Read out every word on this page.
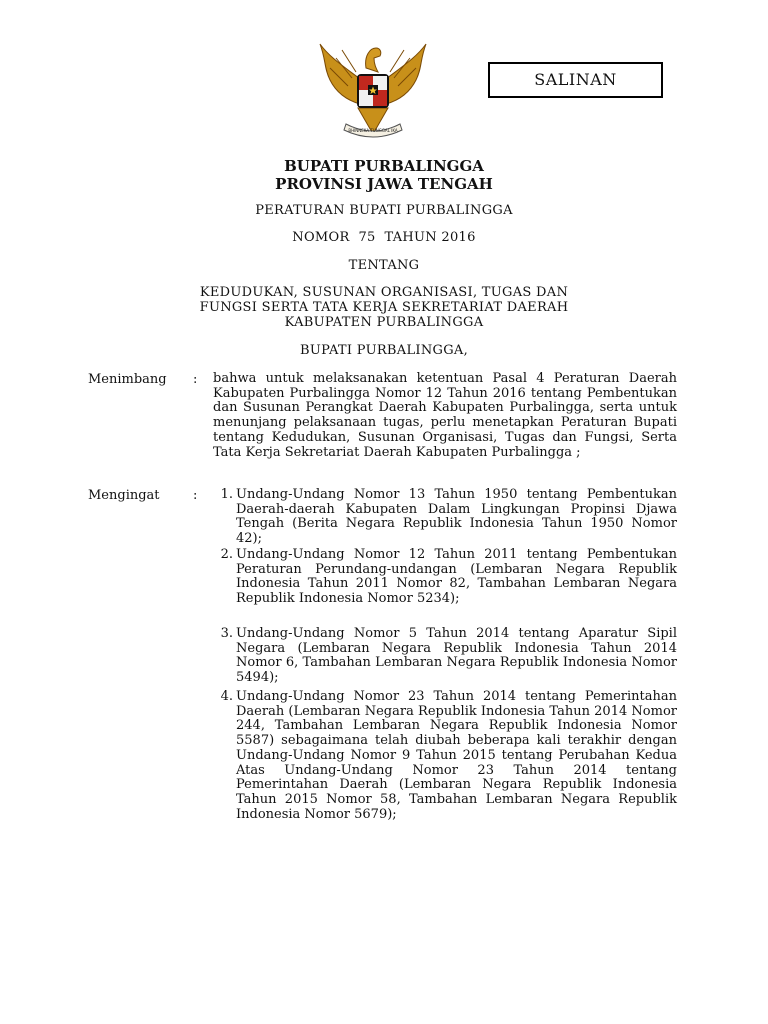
BHINNEKA TUNGGAL IKA
SALINAN
BUPATI PURBALINGGA
PROVINSI JAWA TENGAH
PERATURAN BUPATI PURBALINGGA
NOMOR  75  TAHUN 2016
TENTANG
KEDUDUKAN, SUSUNAN ORGANISASI, TUGAS DAN
FUNGSI SERTA TATA KERJA SEKRETARIAT DAERAH
KABUPATEN PURBALINGGA
BUPATI PURBALINGGA,
Menimbang : bahwa untuk melaksanakan ketentuan Pasal 4 Peraturan Daerah Kabupaten Purbalingga Nomor 12 Tahun 2016 tentang Pembentukan dan Susunan Perangkat Daerah Kabupaten Purbalingga, serta untuk menunjang pelaksanaan tugas, perlu menetapkan Peraturan Bupati tentang Kedudukan, Susunan Organisasi, Tugas dan Fungsi, Serta Tata Kerja Sekretariat Daerah Kabupaten Purbalingga ;
Mengingat	:	1. Undang-Undang Nomor 13 Tahun 1950 tentang Pembentukan Daerah-daerah Kabupaten Dalam Lingkungan Propinsi Djawa Tengah (Berita Negara Republik Indonesia Tahun 1950 Nomor 42);
2. Undang-Undang Nomor 12 Tahun 2011 tentang Pembentukan Peraturan Perundang-undangan (Lembaran Negara Republik Indonesia Tahun 2011 Nomor 82, Tambahan Lembaran Negara Republik Indonesia Nomor 5234);
3. Undang-Undang Nomor 5 Tahun 2014 tentang Aparatur Sipil Negara (Lembaran Negara Republik Indonesia Tahun 2014 Nomor 6, Tambahan Lembaran Negara Republik Indonesia Nomor 5494);
4. Undang-Undang Nomor 23 Tahun 2014 tentang Pemerintahan Daerah (Lembaran Negara Republik Indonesia Tahun 2014 Nomor 244, Tambahan Lembaran Negara Republik Indonesia Nomor 5587) sebagaimana telah diubah beberapa kali terakhir dengan Undang-Undang Nomor 9 Tahun 2015 tentang Perubahan Kedua Atas Undang-Undang Nomor 23 Tahun 2014 tentang Pemerintahan Daerah (Lembaran Negara Republik Indonesia Tahun 2015 Nomor 58, Tambahan Lembaran Negara Republik Indonesia Nomor 5679);
